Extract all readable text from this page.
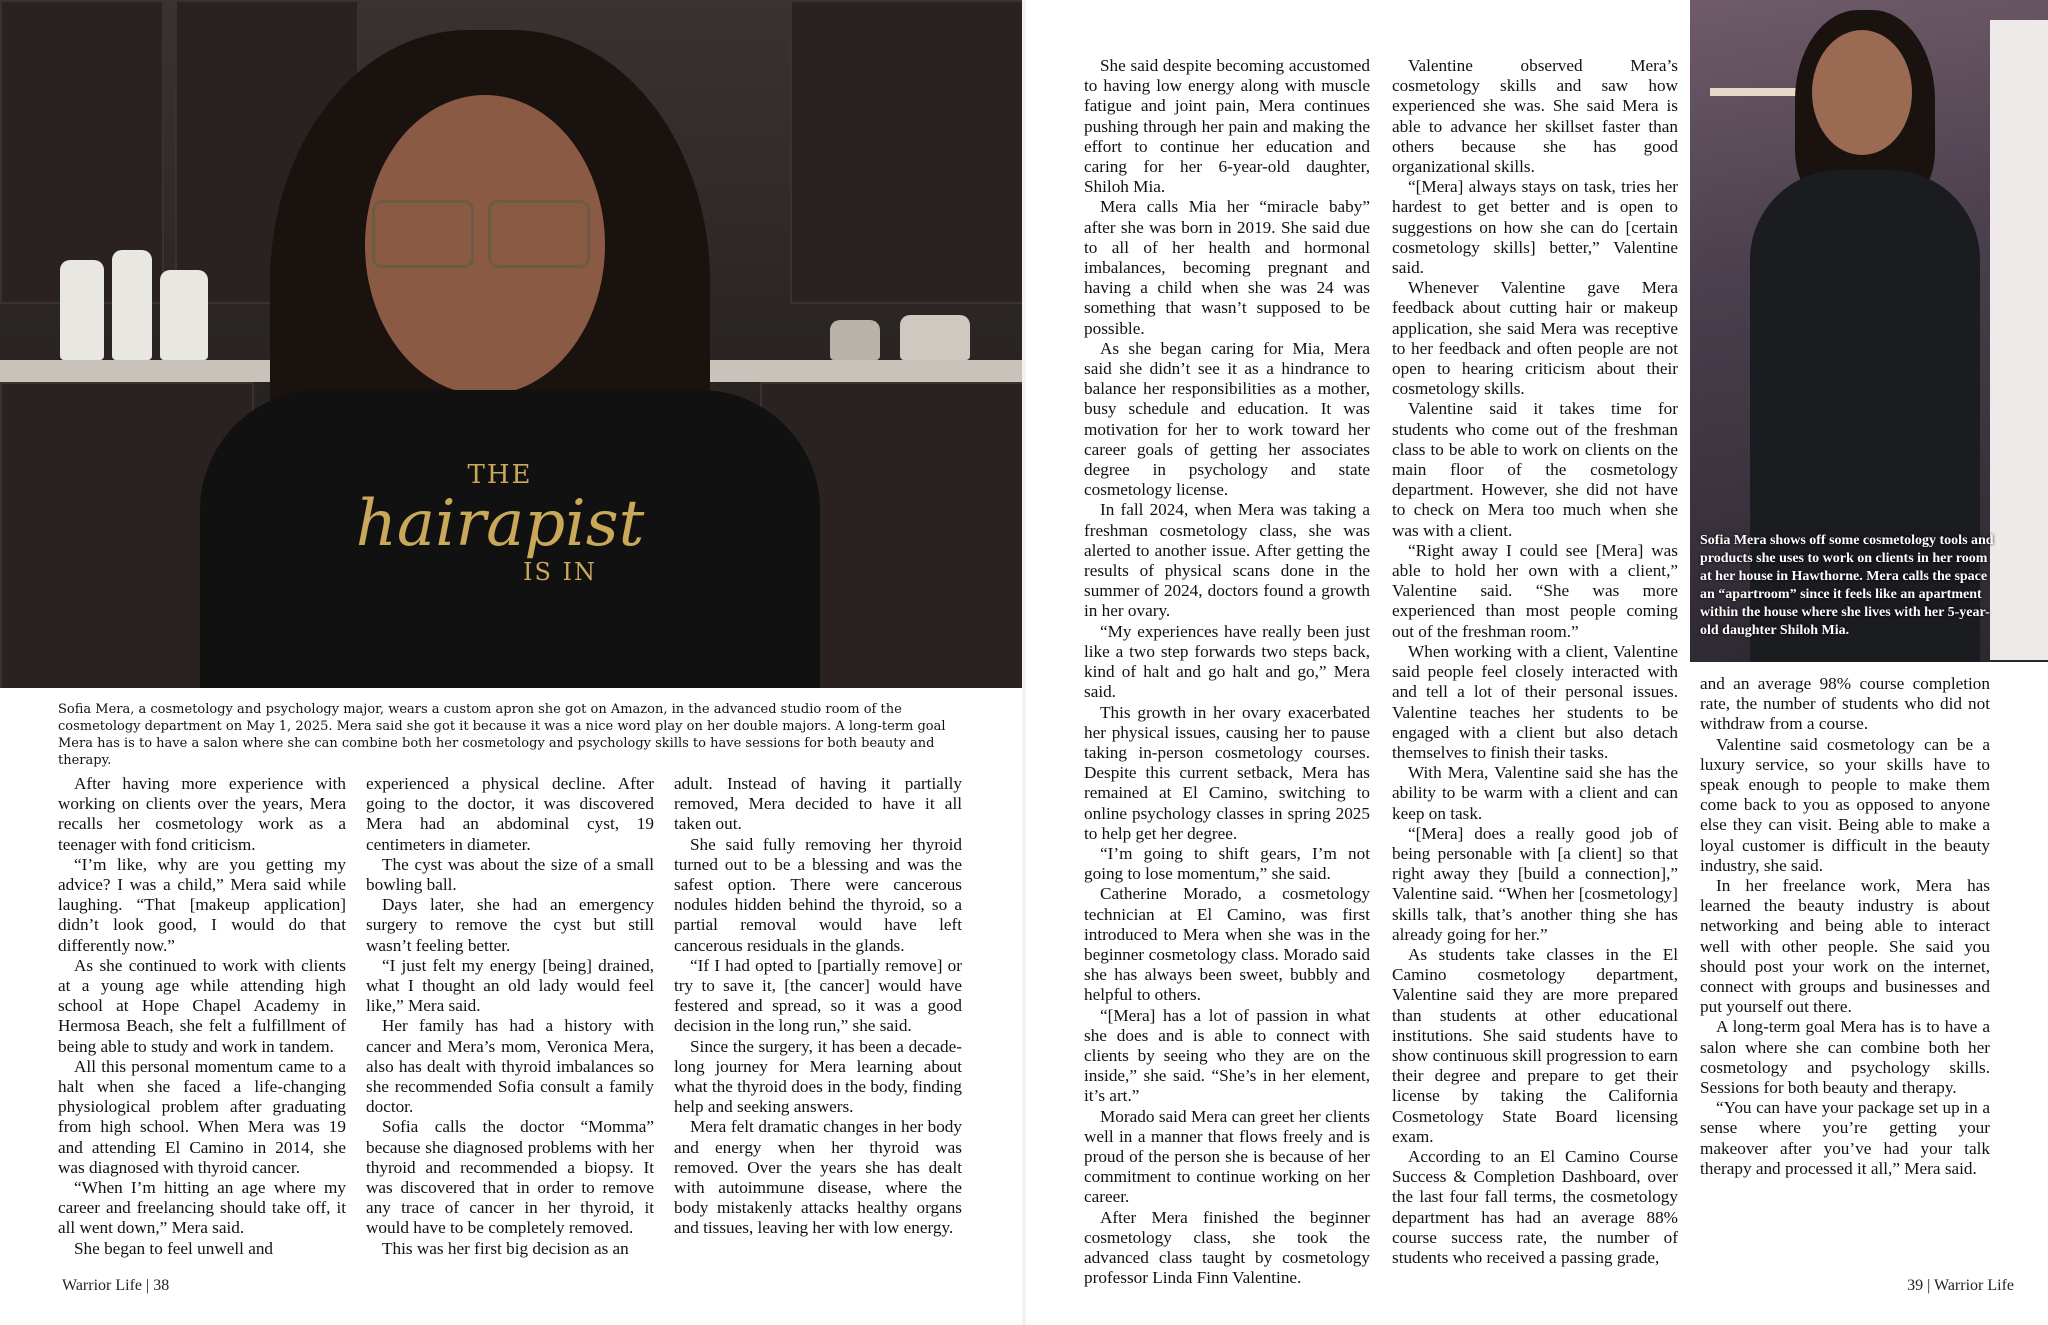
THE
hairapist
IS IN
Sofia Mera, a cosmetology and psychology major, wears a custom apron she got on Amazon, in the advanced studio room of the cosmetology department on May 1, 2025. Mera said she got it because it was a nice word play on her double majors. A long-term goal Mera has is to have a salon where she can combine both her cosmetology and psychology skills to have sessions for both beauty and therapy.

After having more experience with working on clients over the years, Mera recalls her cosmetology work as a teenager with fond criticism.

“I’m like, why are you getting my advice? I was a child,” Mera said while laughing. “That [makeup application] didn’t look good, I would do that differently now.”

As she continued to work with clients at a young age while attending high school at Hope Chapel Academy in Hermosa Beach, she felt a fulfillment of being able to study and work in tandem.

All this personal momentum came to a halt when she faced a life-changing physiological problem after graduating from high school. When Mera was 19 and attending El Camino in 2014, she was diagnosed with thyroid cancer.

“When I’m hitting an age where my career and freelancing should take off, it all went down,” Mera said.

She began to feel unwell and

experienced a physical decline. After going to the doctor, it was discovered Mera had an abdominal cyst, 19 centimeters in diameter.

The cyst was about the size of a small bowling ball.

Days later, she had an emergency surgery to remove the cyst but still wasn’t feeling better.

“I just felt my energy [being] drained, what I thought an old lady would feel like,” Mera said.

Her family has had a history with cancer and Mera’s mom, Veronica Mera, also has dealt with thyroid imbalances so she recommended Sofia consult a family doctor.

Sofia calls the doctor “Momma” because she diagnosed problems with her thyroid and recommended a biopsy. It was discovered that in order to remove any trace of cancer in her thyroid, it would have to be completely removed.

This was her first big decision as an

adult. Instead of having it partially removed, Mera decided to have it all taken out.

She said fully removing her thyroid turned out to be a blessing and was the safest option. There were cancerous nodules hidden behind the thyroid, so a partial removal would have left cancerous residuals in the glands.

“If I had opted to [partially remove] or try to save it, [the cancer] would have festered and spread, so it was a good decision in the long run,” she said.

Since the surgery, it has been a decade-long journey for Mera learning about what the thyroid does in the body, finding help and seeking answers.

Mera felt dramatic changes in her body and energy when her thyroid was removed. Over the years she has dealt with autoimmune disease, where the body mistakenly attacks healthy organs and tissues, leaving her with low energy.

Warrior Life | 38

She said despite becoming accustomed to having low energy along with muscle fatigue and joint pain, Mera continues pushing through her pain and making the effort to continue her education and caring for her 6-year-old daughter, Shiloh Mia.

Mera calls Mia her “miracle baby” after she was born in 2019. She said due to all of her health and hormonal imbalances, becoming pregnant and having a child when she was 24 was something that wasn’t supposed to be possible.

As she began caring for Mia, Mera said she didn’t see it as a hindrance to balance her responsibilities as a mother, busy schedule and education. It was motivation for her to work toward her career goals of getting her associates degree in psychology and state cosmetology license.

In fall 2024, when Mera was taking a freshman cosmetology class, she was alerted to another issue. After getting the results of physical scans done in the summer of 2024, doctors found a growth in her ovary.

“My experiences have really been just like a two step forwards two steps back, kind of halt and go halt and go,” Mera said.

This growth in her ovary exacerbated her physical issues, causing her to pause taking in-person cosmetology courses. Despite this current setback, Mera has remained at El Camino, switching to online psychology classes in spring 2025 to help get her degree.

“I’m going to shift gears, I’m not going to lose momentum,” she said.

Catherine Morado, a cosmetology technician at El Camino, was first introduced to Mera when she was in the beginner cosmetology class. Morado said she has always been sweet, bubbly and helpful to others.

“[Mera] has a lot of passion in what she does and is able to connect with clients by seeing who they are on the inside,” she said. “She’s in her element, it’s art.”

Morado said Mera can greet her clients well in a manner that flows freely and is proud of the person she is because of her commitment to continue working on her career.

After Mera finished the beginner cosmetology class, she took the advanced class taught by cosmetology professor Linda Finn Valentine.

Valentine observed Mera’s cosmetology skills and saw how experienced she was. She said Mera is able to advance her skillset faster than others because she has good organizational skills.

“[Mera] always stays on task, tries her hardest to get better and is open to suggestions on how she can do [certain cosmetology skills] better,” Valentine said.

Whenever Valentine gave Mera feedback about cutting hair or makeup application, she said Mera was receptive to her feedback and often people are not open to hearing criticism about their cosmetology skills.

Valentine said it takes time for students who come out of the freshman class to be able to work on clients on the main floor of the cosmetology department. However, she did not have to check on Mera too much when she was with a client.

“Right away I could see [Mera] was able to hold her own with a client,” Valentine said. “She was more experienced than most people coming out of the freshman room.”

When working with a client, Valentine said people feel closely interacted with and tell a lot of their personal issues. Valentine teaches her students to be engaged with a client but also detach themselves to finish their tasks.

With Mera, Valentine said she has the ability to be warm with a client and can keep on task.

“[Mera] does a really good job of being personable with [a client] so that right away they [build a connection],” Valentine said. “When her [cosmetology] skills talk, that’s another thing she has already going for her.”

As students take classes in the El Camino cosmetology department, Valentine said they are more prepared than students at other educational institutions. She said students have to show continuous skill progression to earn their degree and prepare to get their license by taking the California Cosmetology State Board licensing exam.

According to an El Camino Course Success & Completion Dashboard, over the last four fall terms, the cosmetology department has had an average 88% course success rate, the number of students who received a passing grade,

and an average 98% course completion rate, the number of students who did not withdraw from a course.

Valentine said cosmetology can be a luxury service, so your skills have to speak enough to people to make them come back to you as opposed to anyone else they can visit. Being able to make a loyal customer is difficult in the beauty industry, she said.

In her freelance work, Mera has learned the beauty industry is about networking and being able to interact well with other people. She said you should post your work on the internet, connect with groups and businesses and put yourself out there.

A long-term goal Mera has is to have a salon where she can combine both her cosmetology and psychology skills. Sessions for both beauty and therapy.

“You can have your package set up in a sense where you’re getting your makeover after you’ve had your talk therapy and processed it all,” Mera said.

39 | Warrior Life
Sofia Mera shows off some cosmetology tools and products she uses to work on clients in her room at her house in Hawthorne. Mera calls the space an “apartroom” since it feels like an apartment within the house where she lives with her 5-year-old daughter Shiloh Mia.
